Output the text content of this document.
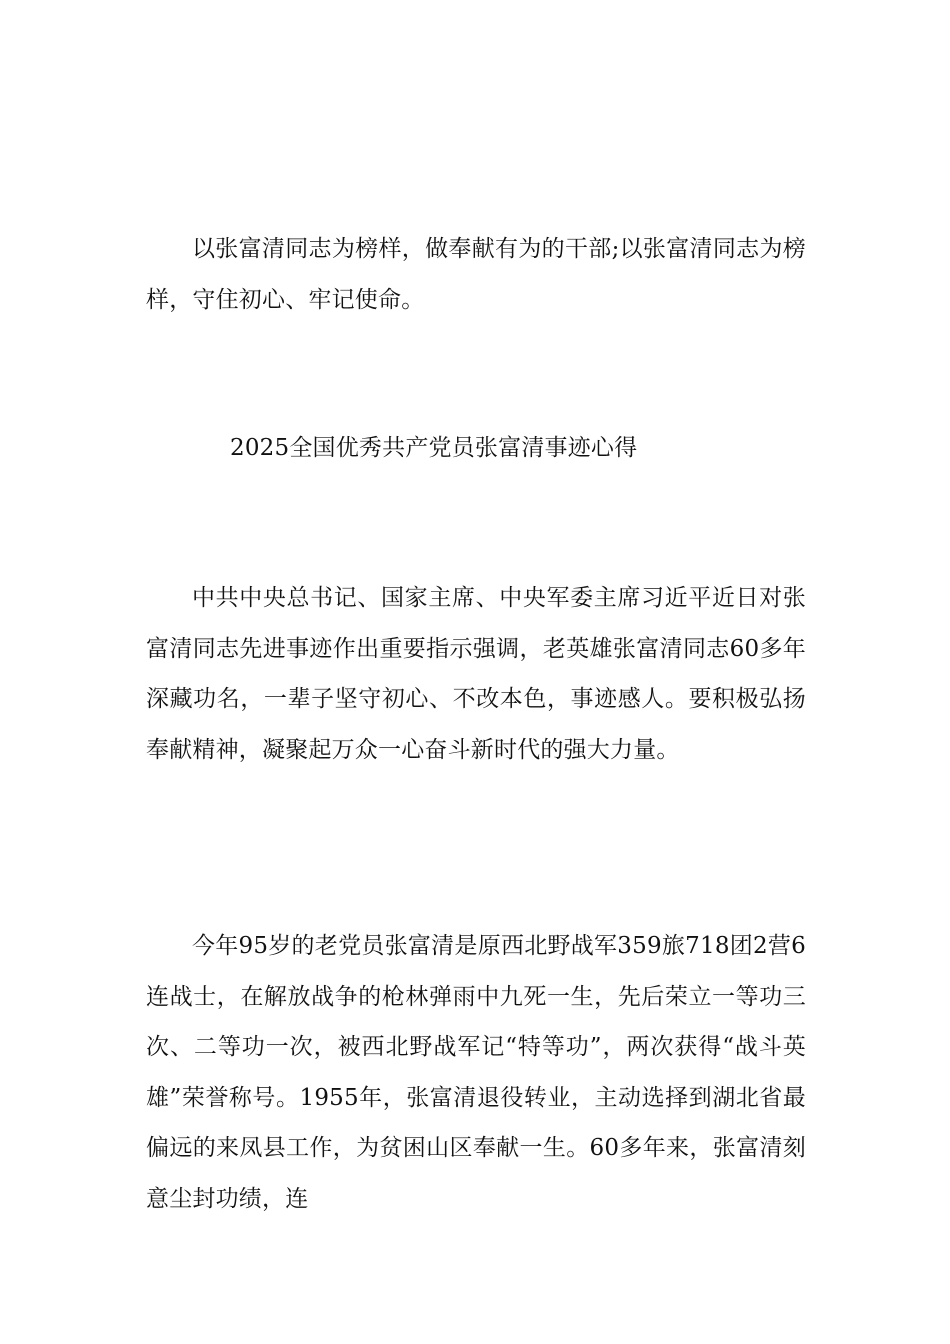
以张富清同志为榜样，做奉献有为的干部;以张富清同志为榜样，守住初心、牢记使命。

2025全国优秀共产党员张富清事迹心得

中共中央总书记、国家主席、中央军委主席习近平近日对张富清同志先进事迹作出重要指示强调，老英雄张富清同志60多年深藏功名，一辈子坚守初心、不改本色，事迹感人。要积极弘扬奉献精神，凝聚起万众一心奋斗新时代的强大力量。

今年95岁的老党员张富清是原西北野战军359旅718团2营6连战士，在解放战争的枪林弹雨中九死一生，先后荣立一等功三次、二等功一次，被西北野战军记“特等功”，两次获得“战斗英雄”荣誉称号。1955年，张富清退役转业，主动选择到湖北省最偏远的来凤县工作，为贫困山区奉献一生。60多年来，张富清刻意尘封功绩，连
